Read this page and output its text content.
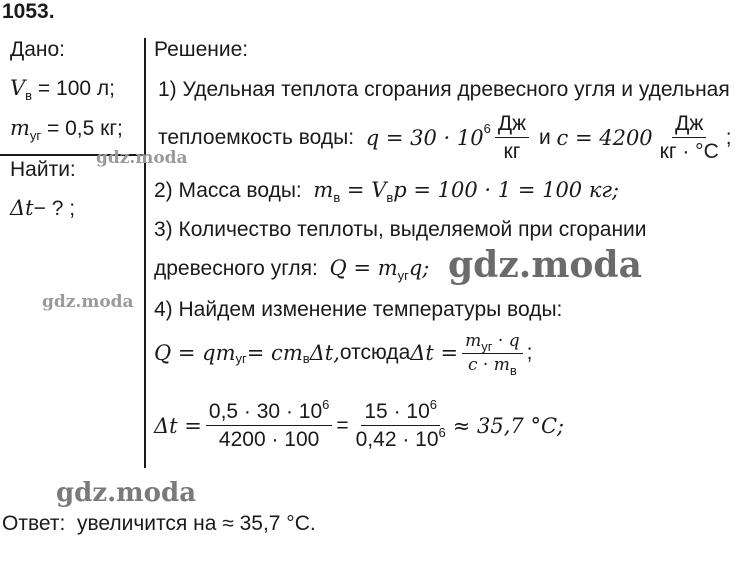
1053.
Дано:
$V_в = 100$ л;
$m_{уг} = 0,5$ кг;
Найти:
Δt− ? ;
Решение:
1) Удельная теплота сгорания древесного угля и удельная
теплоемкость воды:
q = 30 · 10 $6 \frac{Дж}{кг}$
и
$c = 4200 \frac{Дж}{кг \cdot ^\circ C}$ ;
2) Масса воды: $m_в = V_вp = 100 \cdot 1 = 100$ кг;
3) Количество теплоты, выделяемой при сгорании
древесного угля: $Q = m_{уг}q$;
4) Найдем изменение температуры воды:
Q = qm уг = cm в Δt, отсюда $\Delta t = \frac{m_{уг} \cdot q}{c \cdot m_в}$ ;
$\Delta t = \frac{0,5 \cdot 30 \cdot 10^6}{4200 \cdot 100} = \frac{15 \cdot 10^6}{0,42 \cdot 10^6} \approx 35,7$ °C;
Ответ: увеличится на ≈ 35,7 °C.
gdz.moda
gdz.moda
gdz.moda
gdz.moda
